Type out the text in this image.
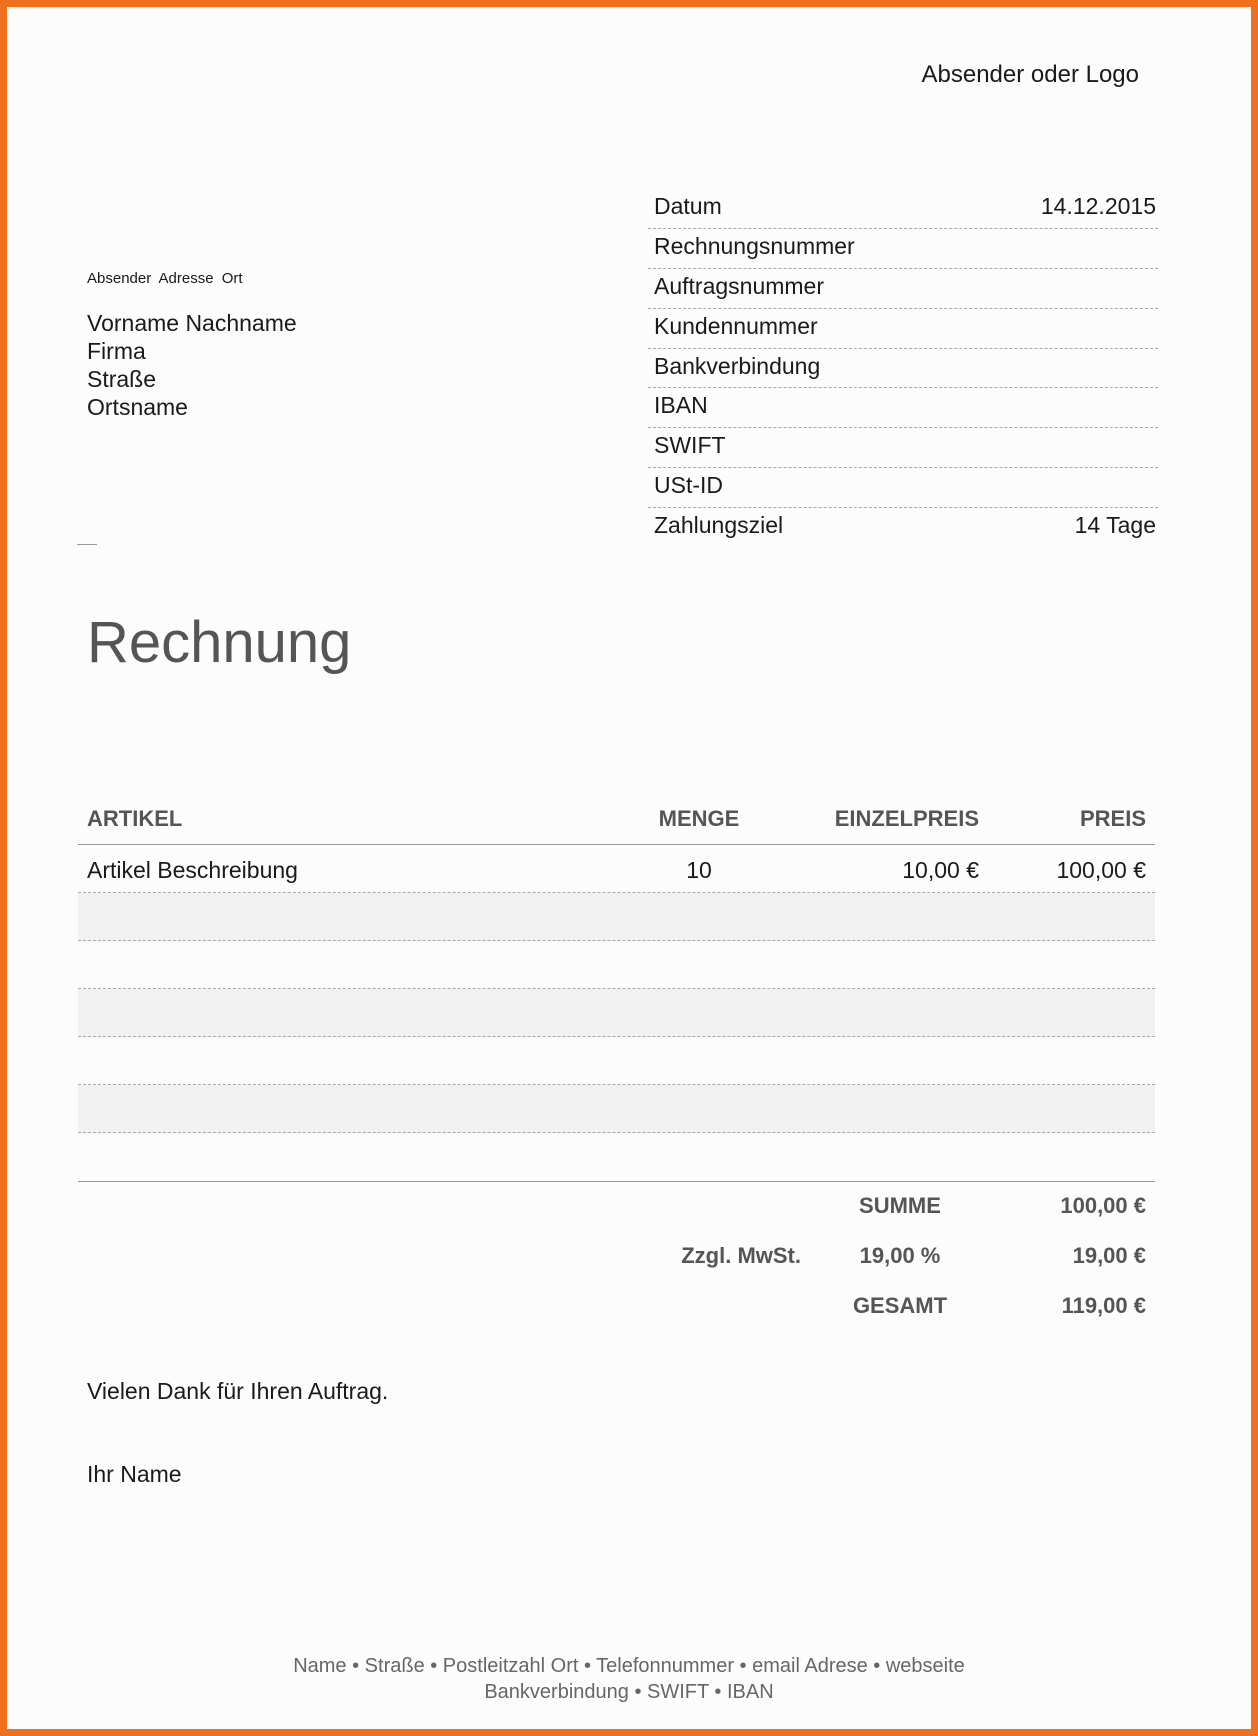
Absender oder Logo
Absender Adresse Ort
Vorname Nachname
Firma
Straße
Ortsname
Datum	14.12.2015
Rechnungsnummer
Auftragsnummer
Kundennummer
Bankverbindung
IBAN
SWIFT
USt-ID
Zahlungsziel	14 Tage
Rechnung
ARTIKEL	MENGE	EINZELPREIS	PREIS
Artikel Beschreibung	10	10,00 €	100,00 €
SUMME	100,00 €
Zzgl. MwSt.	19,00 %	19,00 €
GESAMT	119,00 €
Vielen Dank für Ihren Auftrag.
Ihr Name
Name • Straße • Postleitzahl Ort • Telefonnummer • email Adrese • webseite
Bankverbindung • SWIFT • IBAN
